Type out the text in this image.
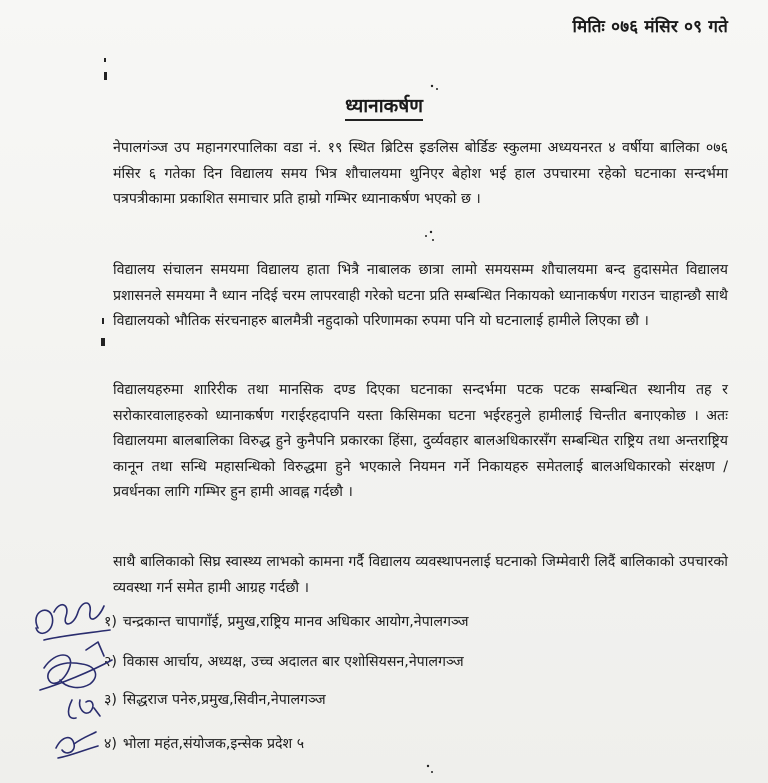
मितिः ०७६ मंसिर ०९ गते
ध्यानाकर्षण
नेपालगंञ्ज उप महानगरपालिका वडा नं. १९ स्थित ब्रिटिस इङलिस बोर्डिङ स्कुलमा अध्ययनरत ४ वर्षीया बालिका ०७६ मंसिर ६ गतेका दिन विद्यालय समय भित्र शौचालयमा थुनिएर बेहोश भई हाल उपचारमा रहेको घटनाका सन्दर्भमा पत्रपत्रीकामा प्रकाशित समाचार प्रति हाम्रो गम्भिर ध्यानाकर्षण भएको छ ।
विद्यालय संचालन समयमा विद्यालय हाता भित्रै नाबालक छात्रा लामो समयसम्म शौचालयमा बन्द हुदासमेत विद्यालय प्रशासनले समयमा नै ध्यान नदिई चरम लापरवाही गरेको घटना प्रति सम्बन्धित निकायको ध्यानाकर्षण गराउन चाहान्छौ साथै विद्यालयको भौतिक संरचनाहरु बालमैत्री नहुदाको परिणामका रुपमा पनि यो घटनालाई हामीले लिएका छौ ।
विद्यालयहरुमा शारिरीक तथा मानसिक दण्ड दिएका घटनाका सन्दर्भमा पटक पटक सम्बन्धित स्थानीय तह र सरोकारवालाहरुको ध्यानाकर्षण गराईरहदापनि यस्ता किसिमका घटना भईरहनुले हामीलाई चिन्तीत बनाएकोछ । अतः विद्यालयमा बालबालिका विरुद्ध हुने कुनैपनि प्रकारका हिंसा, दुर्व्यवहार बालअधिकारसँग सम्बन्धित राष्ट्रिय तथा अन्तराष्ट्रिय कानून तथा सन्धि महासन्धिको विरुद्धमा हुने भएकाले नियमन गर्ने निकायहरु समेतलाई बालअधिकारको संरक्षण / प्रवर्धनका लागि गम्भिर हुन हामी आवह्न गर्दछौ ।
साथै बालिकाको सिघ्र स्वास्थ्य लाभको कामना गर्दै विद्यालय व्यवस्थापनलाई घटनाको जिम्मेवारी लिदैं बालिकाको उपचारको व्यवस्था गर्न समेत हामी आग्रह गर्दछौ ।
१) चन्द्रकान्त चापागाँई, प्रमुख,राष्ट्रिय मानव अधिकार आयोग,नेपालगञ्ज
२) विकास आर्चाय, अध्यक्ष, उच्च अदालत बार एशोसियसन,नेपालगञ्ज
३) सिद्धराज पनेरु,प्रमुख,सिवीन,नेपालगञ्ज
४) भोला महंत,संयोजक,इन्सेक प्रदेश ५
